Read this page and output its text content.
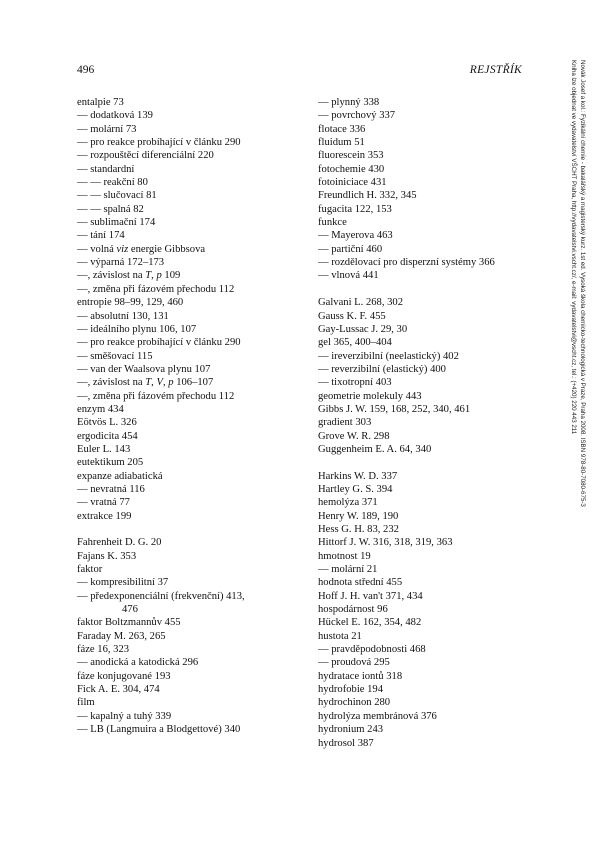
496	REJSTŘÍK
entalpie 73
— dodatková 139
— molární 73
— pro reakce probíhající v článku 290
— rozpouštěcí diferenciální 220
— standardní
— — reakční 80
— — slučovací 81
— — spalná 82
— sublimační 174
— tání 174
— volná viz energie Gibbsova
— výparná 172–173
—, závislost na T, p 109
—, změna při fázovém přechodu 112
entropie 98–99, 129, 460
— absolutní 130, 131
— ideálního plynu 106, 107
— pro reakce probíhající v článku 290
— směšovací 115
— van der Waalsova plynu 107
—, závislost na T, V, p 106–107
—, změna při fázovém přechodu 112
enzym 434
Eötvös L. 326
ergodicita 454
Euler L. 143
eutektikum 205
expanze adiabatická
— nevratná 116
— vratná 77
extrakce 199
Fahrenheit D. G. 20
Fajans K. 353
faktor
— kompresibilitní 37
— předexponenciální (frekvenční) 413,
476
faktor Boltzmannův 455
Faraday M. 263, 265
fáze 16, 323
— anodická a katodická 296
fáze konjugované 193
Fick A. E. 304, 474
film
— kapalný a tuhý 339
— LB (Langmuira a Blodgettové) 340
— plynný 338
— povrchový 337
flotace 336
fluidum 51
fluorescein 353
fotochemie 430
fotoiniciace 431
Freundlich H. 332, 345
fugacita 122, 153
funkce
— Mayerova 463
— partiční 460
— rozdělovací pro disperzní systémy 366
— vlnová 441
Galvani L. 268, 302
Gauss K. F. 455
Gay-Lussac J. 29, 30
gel 365, 400–404
— ireverzibilní (neelastický) 402
— reverzibilní (elastický) 400
— tixotropní 403
geometrie molekuly 443
Gibbs J. W. 159, 168, 252, 340, 461
gradient 303
Grove W. R. 298
Guggenheim E. A. 64, 340
Harkins W. D. 337
Hartley G. S. 394
hemolýza 371
Henry W. 189, 190
Hess G. H. 83, 232
Hittorf J. W. 316, 318, 319, 363
hmotnost 19
— molární 21
hodnota střední 455
Hoff J. H. van't 371, 434
hospodárnost 96
Hückel E. 162, 354, 482
hustota 21
— pravděpodobnosti 468
— proudová 295
hydratace iontů 318
hydrofobie 194
hydrochinon 280
hydrolýza membránová 376
hydronium 243
hydrosol 387
Novák Josef a kol.: Fyzikální chemie - bakalářský a magisterský kurz. 1st ed. Vysoká škola chemicko-technologická v Praze, Praha 2008. ISBN 978-80-7080-675-3
Kniha lze objednat ve vydavatelství VŠCHT Praha, http://vydavatelstvi.vscht.cz/, e-mail: vydavatelstvi@vscht.cz, tel.: (+420) 220 443 211
